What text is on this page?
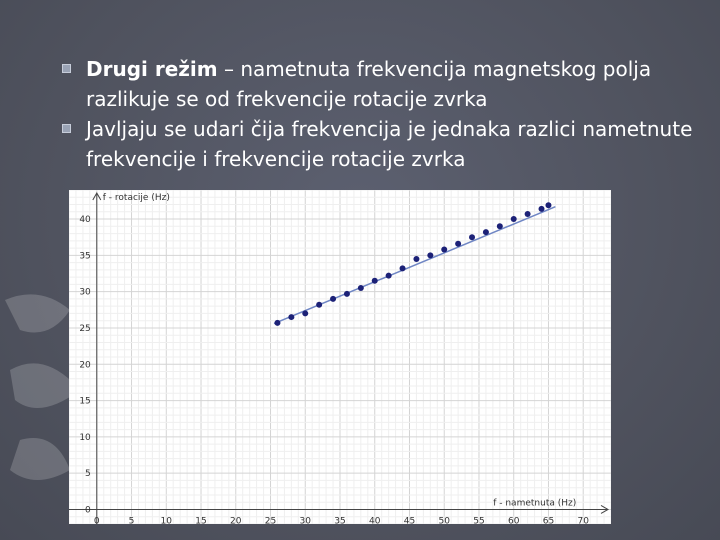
Drugi režim – nametnuta frekvencija magnetskog polja razlikuje se od frekvencije rotacije zvrka
Javljaju se udari čija frekvencija je jednaka razlici nametnute frekvencije i frekvencije rotacije zvrka
0	5	10	15	20	25	30	35	40	45	50	55	60	65	70
0
5
10
15
20
25
30
35
40
f - nametnuta (Hz)
f - rotacije (Hz)
